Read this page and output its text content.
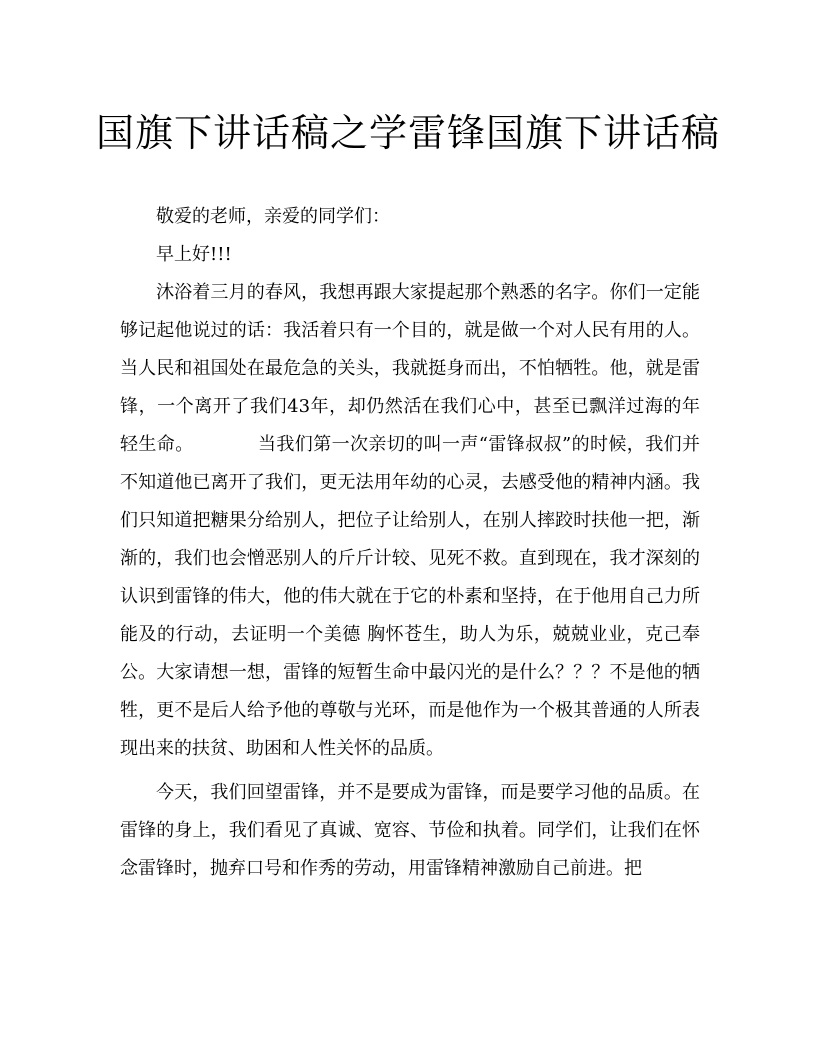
国旗下讲话稿之学雷锋国旗下讲话稿

敬爱的老师，亲爱的同学们：

早上好!!!

沐浴着三月的春风，我想再跟大家提起那个熟悉的名字。你们一定能够记起他说过的话：我活着只有一个目的，就是做一个对人民有用的人。当人民和祖国处在最危急的关头，我就挺身而出，不怕牺牲。他，就是雷锋，一个离开了我们43年，却仍然活在我们心中，甚至已飘洋过海的年轻生命。	当我们第一次亲切的叫一声“雷锋叔叔”的时候，我们并不知道他已离开了我们，更无法用年幼的心灵，去感受他的精神内涵。我们只知道把糖果分给别人，把位子让给别人，在别人摔跤时扶他一把，渐渐的，我们也会憎恶别人的斤斤计较、见死不救。直到现在，我才深刻的认识到雷锋的伟大，他的伟大就在于它的朴素和坚持，在于他用自己力所能及的行动，去证明一个美德 胸怀苍生，助人为乐，兢兢业业，克己奉公。大家请想一想，雷锋的短暂生命中最闪光的是什么？？？不是他的牺牲，更不是后人给予他的尊敬与光环，而是他作为一个极其普通的人所表现出来的扶贫、助困和人性关怀的品质。

今天，我们回望雷锋，并不是要成为雷锋，而是要学习他的品质。在雷锋的身上，我们看见了真诚、宽容、节俭和执着。同学们，让我们在怀念雷锋时，抛弃口号和作秀的劳动，用雷锋精神激励自己前进。把
